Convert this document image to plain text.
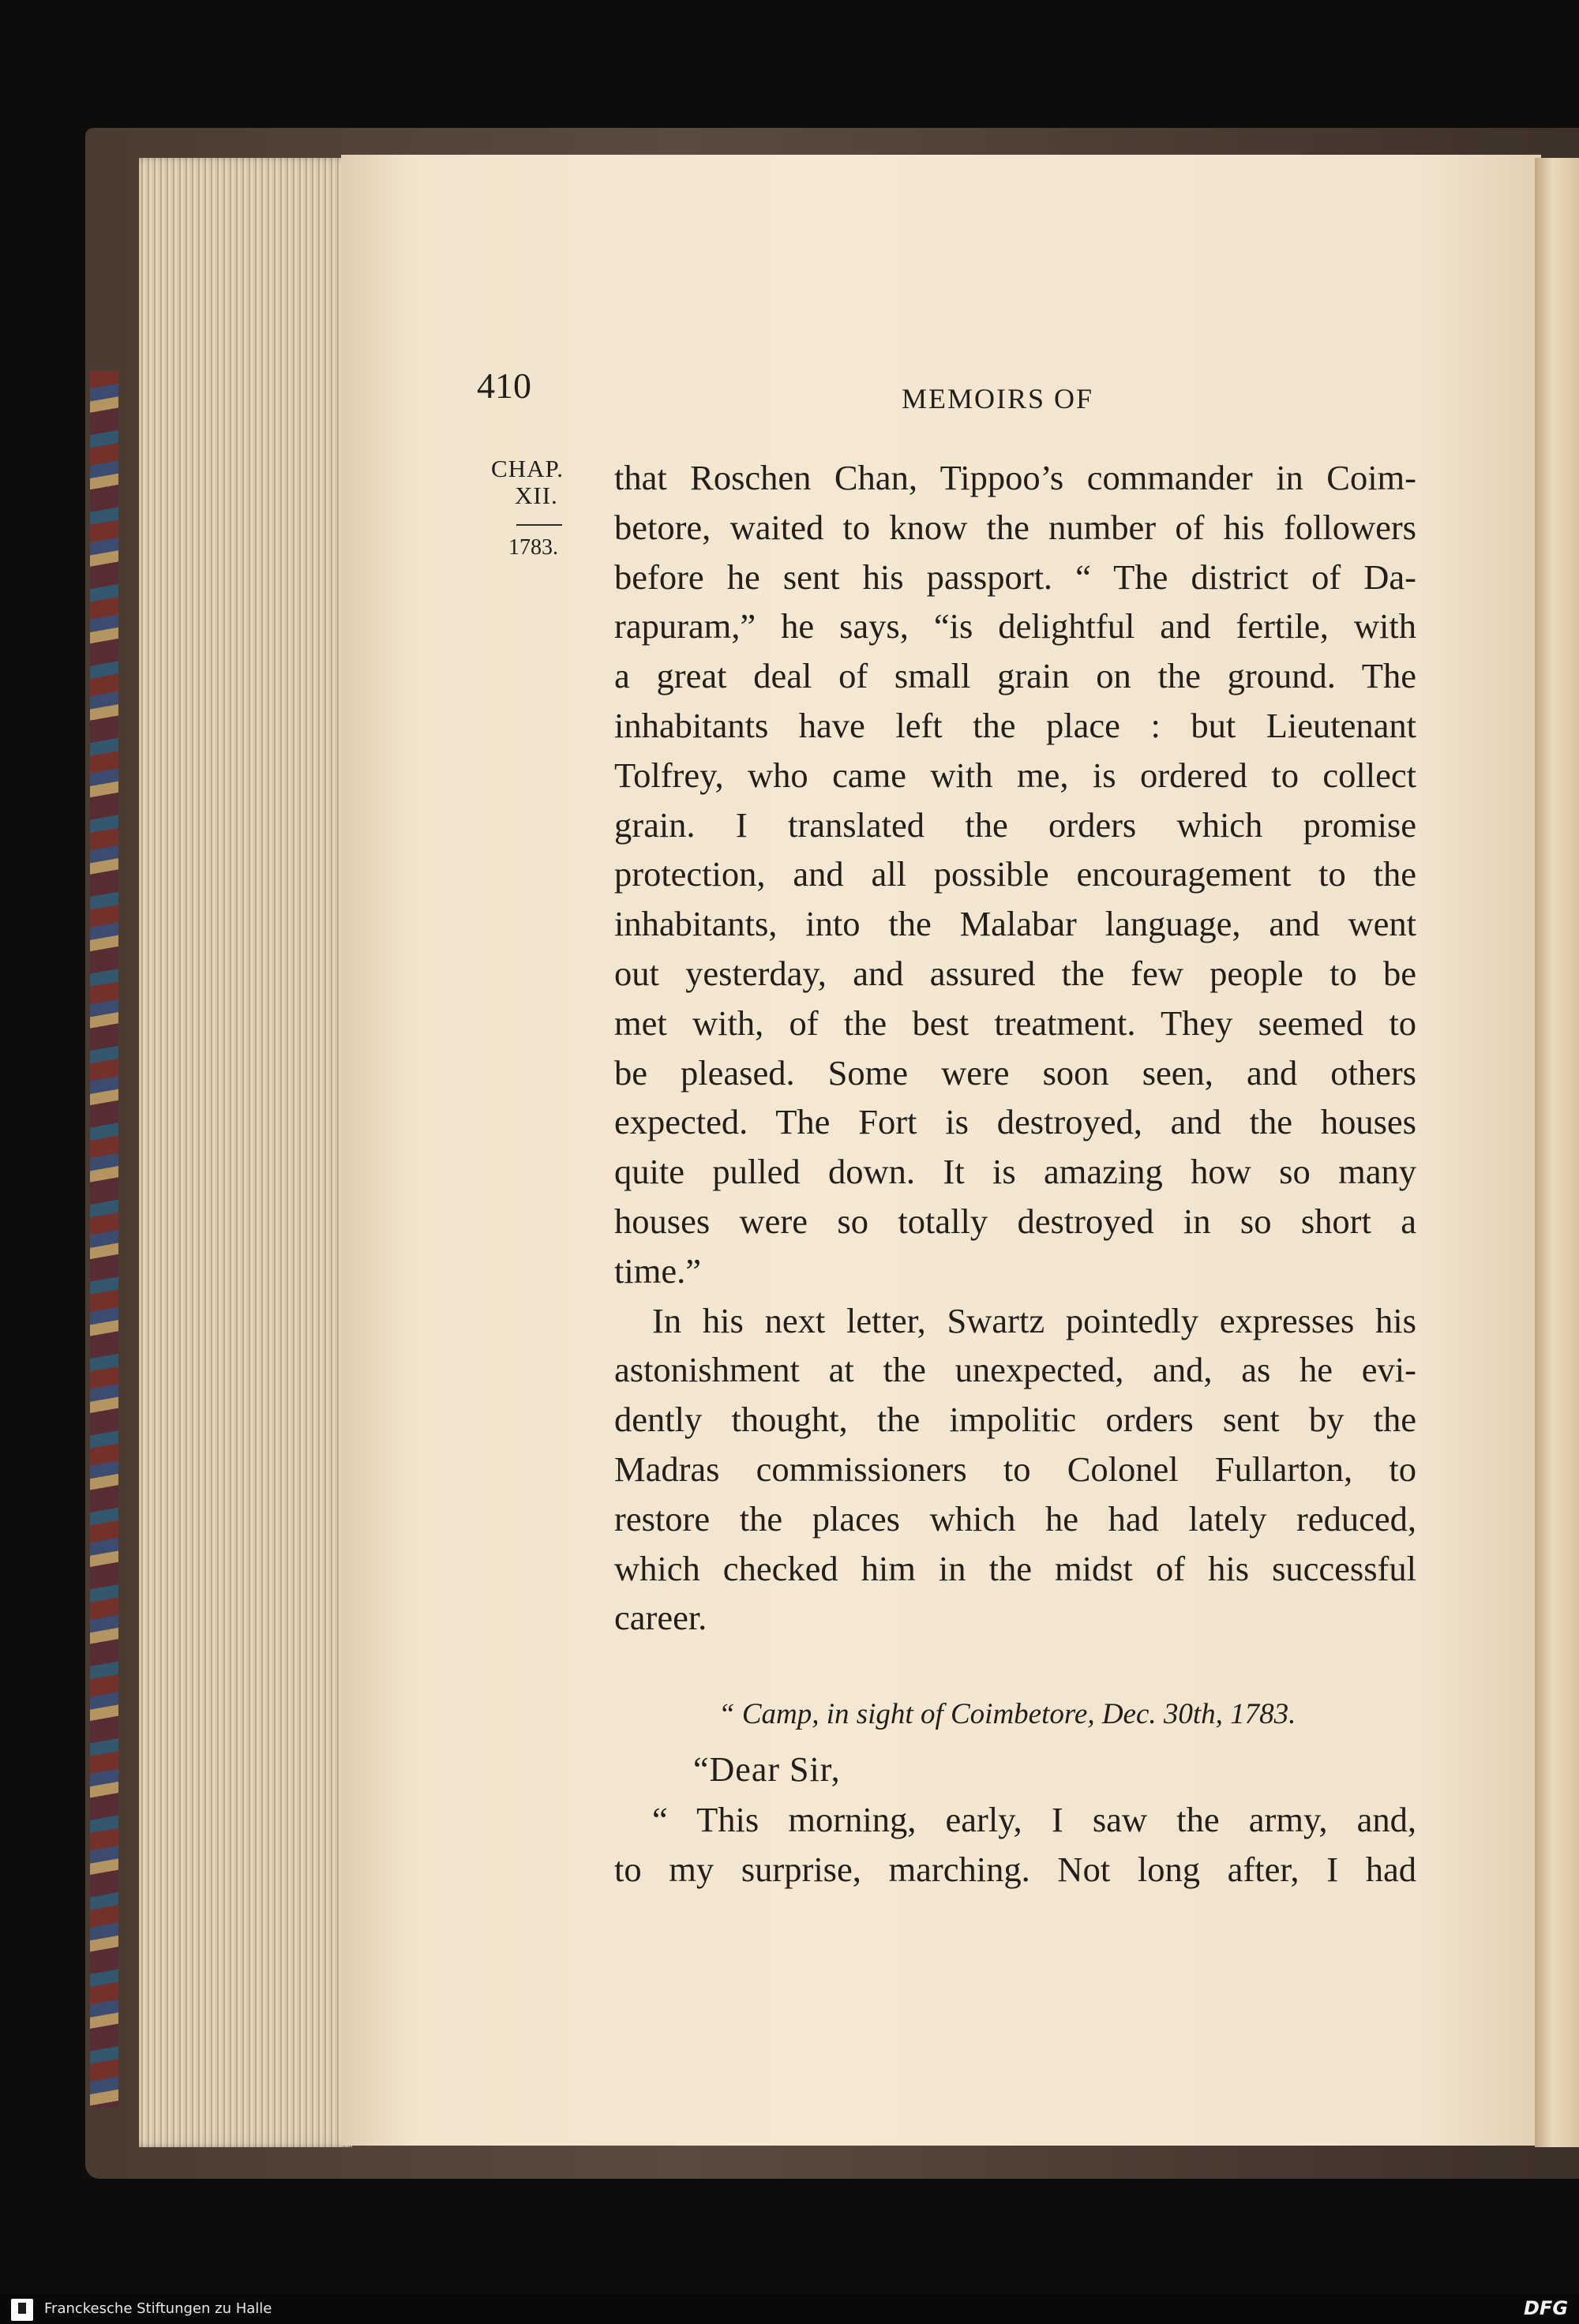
410	MEMOIRS OF
CHAP.
XII.
1783.
that Roschen Chan, Tippoo’s commander in Coim-
betore, waited to know the number of his followers
before he sent his passport. “ The district of Da-
rapuram,” he says, “is delightful and fertile, with
a great deal of small grain on the ground. The
inhabitants have left the place : but Lieutenant
Tolfrey, who came with me, is ordered to collect
grain. I translated the orders which promise
protection, and all possible encouragement to the
inhabitants, into the Malabar language, and went
out yesterday, and assured the few people to be
met with, of the best treatment. They seemed to
be pleased. Some were soon seen, and others
expected. The Fort is destroyed, and the houses
quite pulled down. It is amazing how so many
houses were so totally destroyed in so short a
time.”
In his next letter, Swartz pointedly expresses his
astonishment at the unexpected, and, as he evi-
dently thought, the impolitic orders sent by the
Madras commissioners to Colonel Fullarton, to
restore the places which he had lately reduced,
which checked him in the midst of his successful
career.
“ Camp, in sight of Coimbetore, Dec. 30th, 1783.
“Dear Sir,
“ This morning, early, I saw the army, and,
to my surprise, marching. Not long after, I had
Franckesche Stiftungen zu Halle	DFG
